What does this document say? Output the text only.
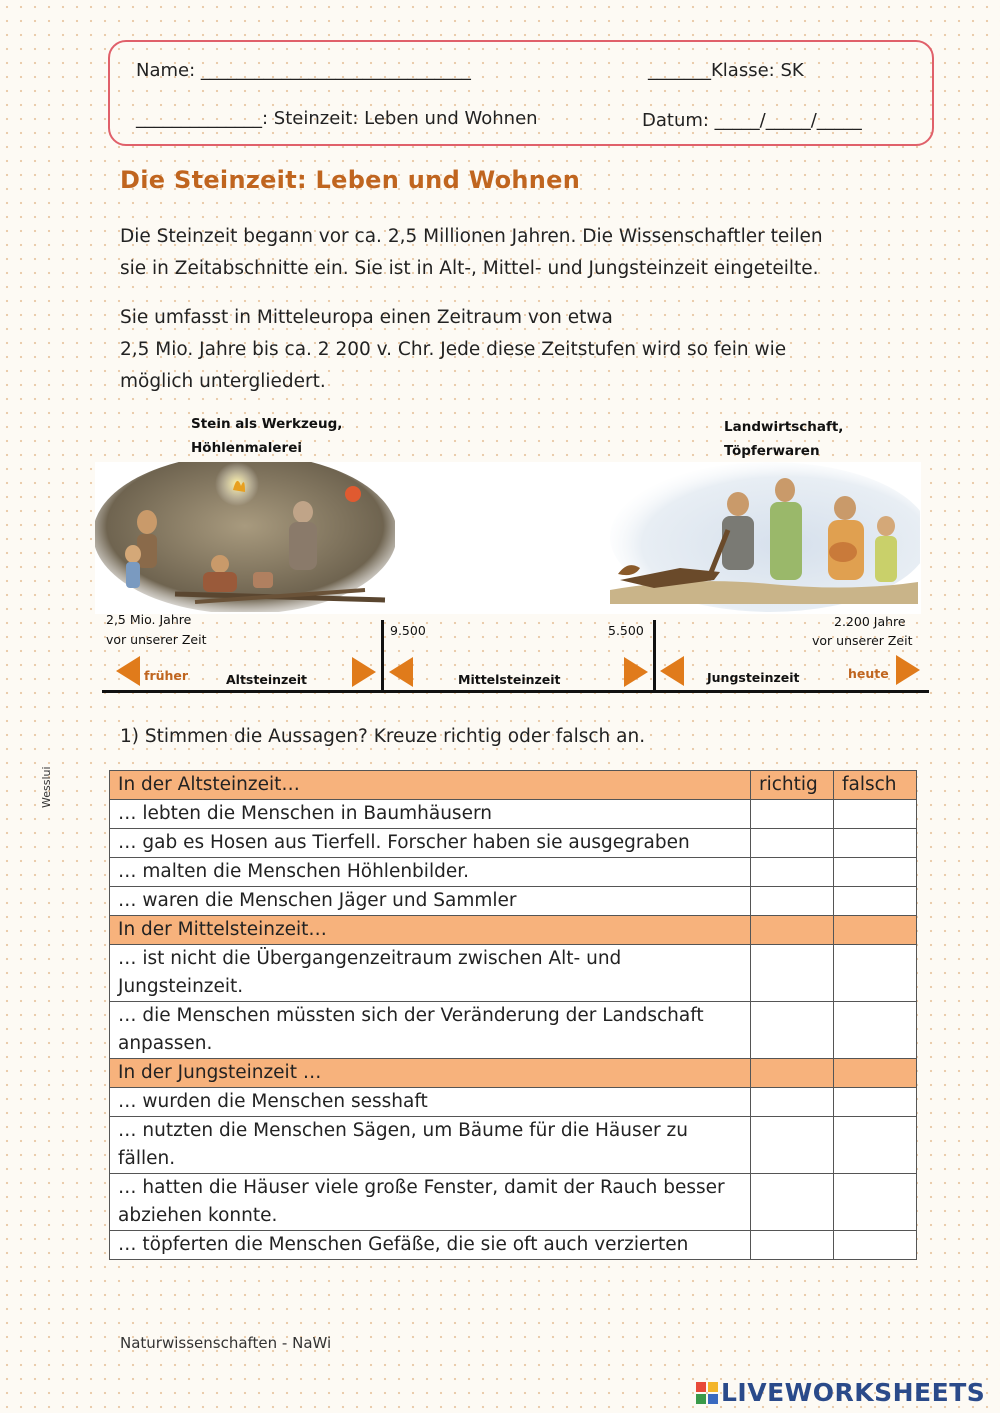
Name: ______________________________	_______Klasse: SK
______________: Steinzeit: Leben und Wohnen	Datum: _____/_____/_____
Die Steinzeit: Leben und Wohnen
Die Steinzeit begann vor ca. 2,5 Millionen Jahren. Die Wissenschaftler teilen
sie in Zeitabschnitte ein. Sie ist in Alt-, Mittel- und Jungsteinzeit eingeteilte.
Sie umfasst in Mitteleuropa einen Zeitraum von etwa
2,5 Mio. Jahre bis ca. 2 200 v. Chr. Jede diese Zeitstufen wird so fein wie
möglich untergliedert.
Stein als Werkzeug,
Höhlenmalerei
Landwirtschaft,
Töpferwaren
2,5 Mio. Jahre
vor unserer Zeit
2.200 Jahre
vor unserer Zeit
9.500	5.500
früher	Altsteinzeit	Mittelsteinzeit	Jungsteinzeit	heute
1) Stimmen die Aussagen? Kreuze richtig oder falsch an.
In der Altsteinzeit…	richtig	falsch
… lebten die Menschen in Baumhäusern		
… gab es Hosen aus Tierfell. Forscher haben sie ausgegraben		
… malten die Menschen Höhlenbilder.		
… waren die Menschen Jäger und Sammler		
In der Mittelsteinzeit…		

… ist nicht die Übergangenzeitraum zwischen Alt- und
Jungsteinzeit.		

… die Menschen müssten sich der Veränderung der Landschaft
anpassen.		

In der Jungsteinzeit …		
… wurden die Menschen sesshaft		

… nutzten die Menschen Sägen, um Bäume für die Häuser zu
fällen.		

… hatten die Häuser viele große Fenster, damit der Rauch besser
abziehen konnte.		

… töpferten die Menschen Gefäße, die sie oft auch verzierten		
Wesslui
Naturwissenschaften - NaWi
LIVEWORKSHEETS
